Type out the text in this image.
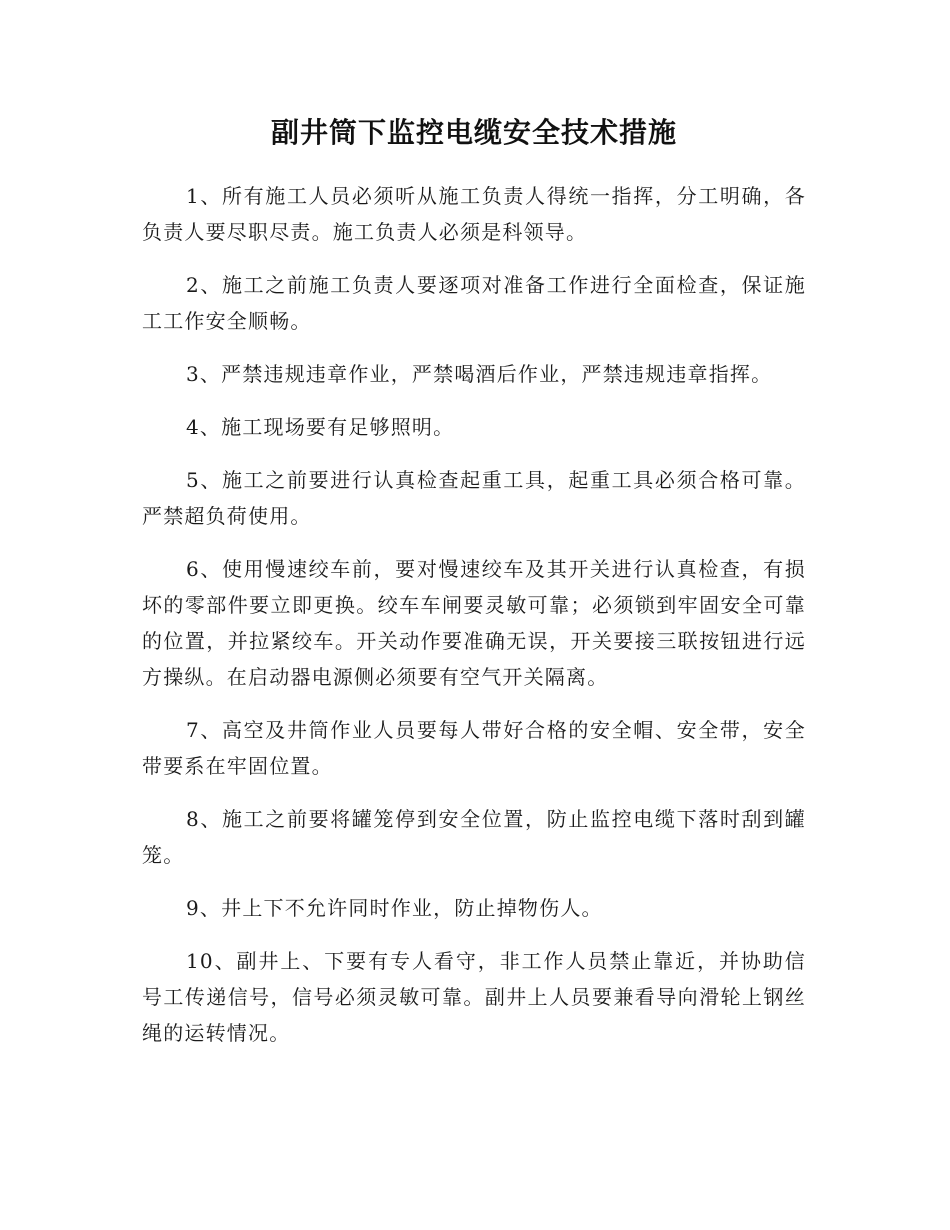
副井筒下监控电缆安全技术措施

1、所有施工人员必须听从施工负责人得统一指挥，分工明确，各负责人要尽职尽责。施工负责人必须是科领导。

2、施工之前施工负责人要逐项对准备工作进行全面检查，保证施工工作安全顺畅。

3、严禁违规违章作业，严禁喝酒后作业，严禁违规违章指挥。

4、施工现场要有足够照明。

5、施工之前要进行认真检查起重工具，起重工具必须合格可靠。严禁超负荷使用。

6、使用慢速绞车前，要对慢速绞车及其开关进行认真检查，有损坏的零部件要立即更换。绞车车闸要灵敏可靠；必须锁到牢固安全可靠的位置，并拉紧绞车。开关动作要准确无误，开关要接三联按钮进行远方操纵。在启动器电源侧必须要有空气开关隔离。

7、高空及井筒作业人员要每人带好合格的安全帽、安全带，安全带要系在牢固位置。

8、施工之前要将罐笼停到安全位置，防止监控电缆下落时刮到罐笼。

9、井上下不允许同时作业，防止掉物伤人。

10、副井上、下要有专人看守，非工作人员禁止靠近，并协助信号工传递信号，信号必须灵敏可靠。副井上人员要兼看导向滑轮上钢丝绳的运转情况。
